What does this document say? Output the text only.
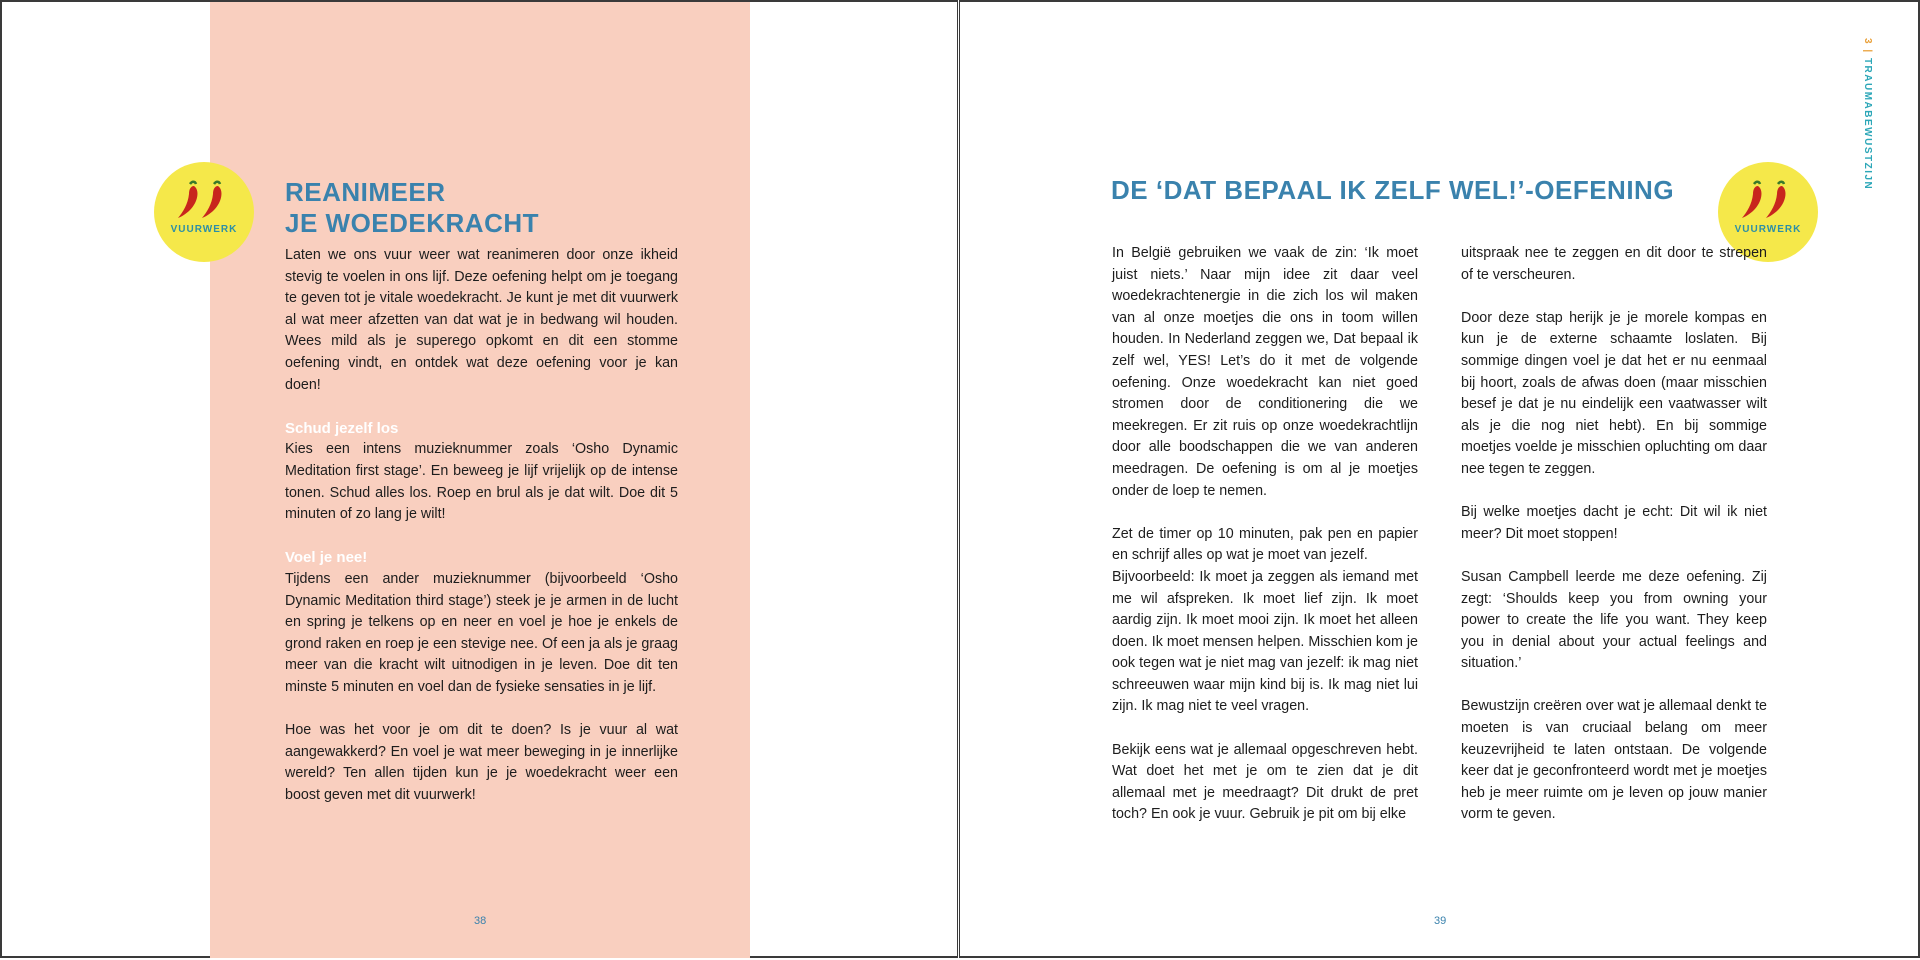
VUURWERK
REANIMEER
JE WOEDEKRACHT

Laten we ons vuur weer wat reanimeren door onze ikheid stevig te voelen in ons lijf. Deze oefening helpt om je toegang te geven tot je vitale woedekracht. Je kunt je met dit vuurwerk al wat meer afzetten van dat wat je in bedwang wil houden. Wees mild als je superego opkomt en dit een stomme oefening vindt, en ontdek wat deze oefening voor je kan doen!

Schud jezelf los

Kies een intens muzieknummer zoals ‘Osho Dynamic Meditation first stage’. En beweeg je lijf vrijelijk op de intense tonen. Schud alles los. Roep en brul als je dat wilt. Doe dit 5 minuten of zo lang je wilt!

Voel je nee!

Tijdens een ander muzieknummer (bijvoorbeeld ‘Osho Dynamic Meditation third stage’) steek je je armen in de lucht en spring je telkens op en neer en voel je hoe je enkels de grond raken en roep je een stevige nee. Of een ja als je graag meer van die kracht wilt uitnodigen in je leven. Doe dit ten minste 5 minuten en voel dan de fysieke sensaties in je lijf.

Hoe was het voor je om dit te doen? Is je vuur al wat aangewakkerd? En voel je wat meer beweging in je innerlijke wereld? Ten allen tijden kun je je woedekracht weer een boost geven met dit vuurwerk!

38
VUURWERK
39
3 | TRAUMABEWUSTZIJN
DE ‘DAT BEPAAL IK ZELF WEL!’-OEFENING

In België gebruiken we vaak de zin: ‘Ik moet juist niets.’ Naar mijn idee zit daar veel woedekrachtenergie in die zich los wil maken van al onze moetjes die ons in toom willen houden. In Nederland zeggen we, Dat bepaal ik zelf wel, YES! Let’s do it met de volgende oefening. Onze woedekracht kan niet goed stromen door de conditionering die we meekregen. Er zit ruis op onze woedekrachtlijn door alle boodschappen die we van anderen meedragen. De oefening is om al je moetjes onder de loep te nemen.

Zet de timer op 10 minuten, pak pen en papier en schrijf alles op wat je moet van jezelf.

Bijvoorbeeld: Ik moet ja zeggen als iemand met me wil afspreken. Ik moet lief zijn. Ik moet aardig zijn. Ik moet mooi zijn. Ik moet het alleen doen. Ik moet mensen helpen. Misschien kom je ook tegen wat je niet mag van jezelf: ik mag niet schreeuwen waar mijn kind bij is. Ik mag niet lui zijn. Ik mag niet te veel vragen.

Bekijk eens wat je allemaal opgeschreven hebt. Wat doet het met je om te zien dat je dit allemaal met je meedraagt? Dit drukt de pret toch? En ook je vuur. Gebruik je pit om bij elke

uitspraak nee te zeggen en dit door te strepen of te verscheuren.

Door deze stap herijk je je morele kompas en kun je de externe schaamte loslaten. Bij sommige dingen voel je dat het er nu eenmaal bij hoort, zoals de afwas doen (maar misschien besef je dat je nu eindelijk een vaatwasser wilt als je die nog niet hebt). En bij sommige moetjes voelde je misschien opluchting om daar nee tegen te zeggen.

Bij welke moetjes dacht je echt: Dit wil ik niet meer? Dit moet stoppen!

Susan Campbell leerde me deze oefening. Zij zegt: ‘Shoulds keep you from owning your power to create the life you want. They keep you in denial about your actual feelings and situation.’

Bewustzijn creëren over wat je allemaal denkt te moeten is van cruciaal belang om meer keuzevrijheid te laten ontstaan. De volgende keer dat je geconfronteerd wordt met je moetjes heb je meer ruimte om je leven op jouw manier vorm te geven.
